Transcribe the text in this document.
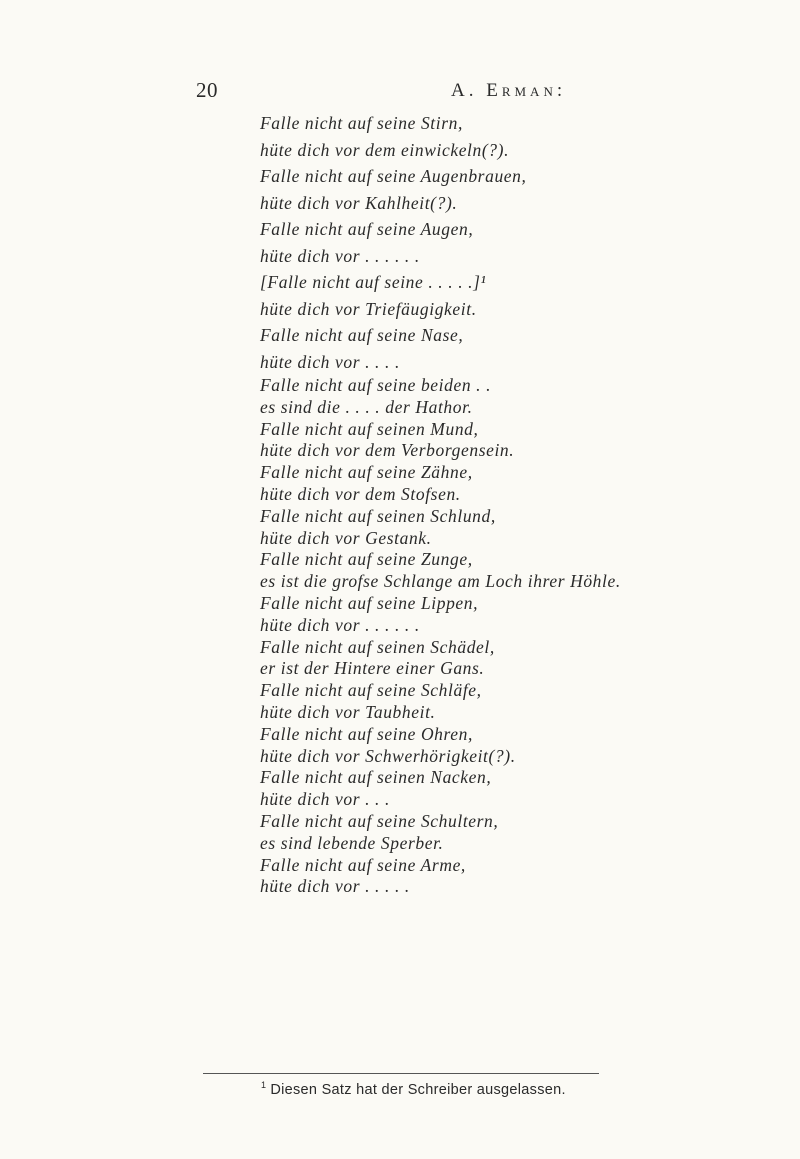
20	A. Erman:
Falle nicht auf seine Stirn,
hüte dich vor dem einwickeln(?).
Falle nicht auf seine Augenbrauen,
hüte dich vor Kahlheit(?).
Falle nicht auf seine Augen,
hüte dich vor . . . . . .
[Falle nicht auf seine . . . . .]¹
hüte dich vor Triefäugigkeit.
Falle nicht auf seine Nase,
hüte dich vor . . . .
Falle nicht auf seine beiden . .
es sind die . . . . der Hathor.
Falle nicht auf seinen Mund,
hüte dich vor dem Verborgensein.
Falle nicht auf seine Zähne,
hüte dich vor dem Stofsen.
Falle nicht auf seinen Schlund,
hüte dich vor Gestank.
Falle nicht auf seine Zunge,
es ist die grofse Schlange am Loch ihrer Höhle.
Falle nicht auf seine Lippen,
hüte dich vor . . . . . .
Falle nicht auf seinen Schädel,
er ist der Hintere einer Gans.
Falle nicht auf seine Schläfe,
hüte dich vor Taubheit.
Falle nicht auf seine Ohren,
hüte dich vor Schwerhörigkeit(?).
Falle nicht auf seinen Nacken,
hüte dich vor . . .
Falle nicht auf seine Schultern,
es sind lebende Sperber.
Falle nicht auf seine Arme,
hüte dich vor . . . . .
$^1$ Diesen Satz hat der Schreiber ausgelassen.
